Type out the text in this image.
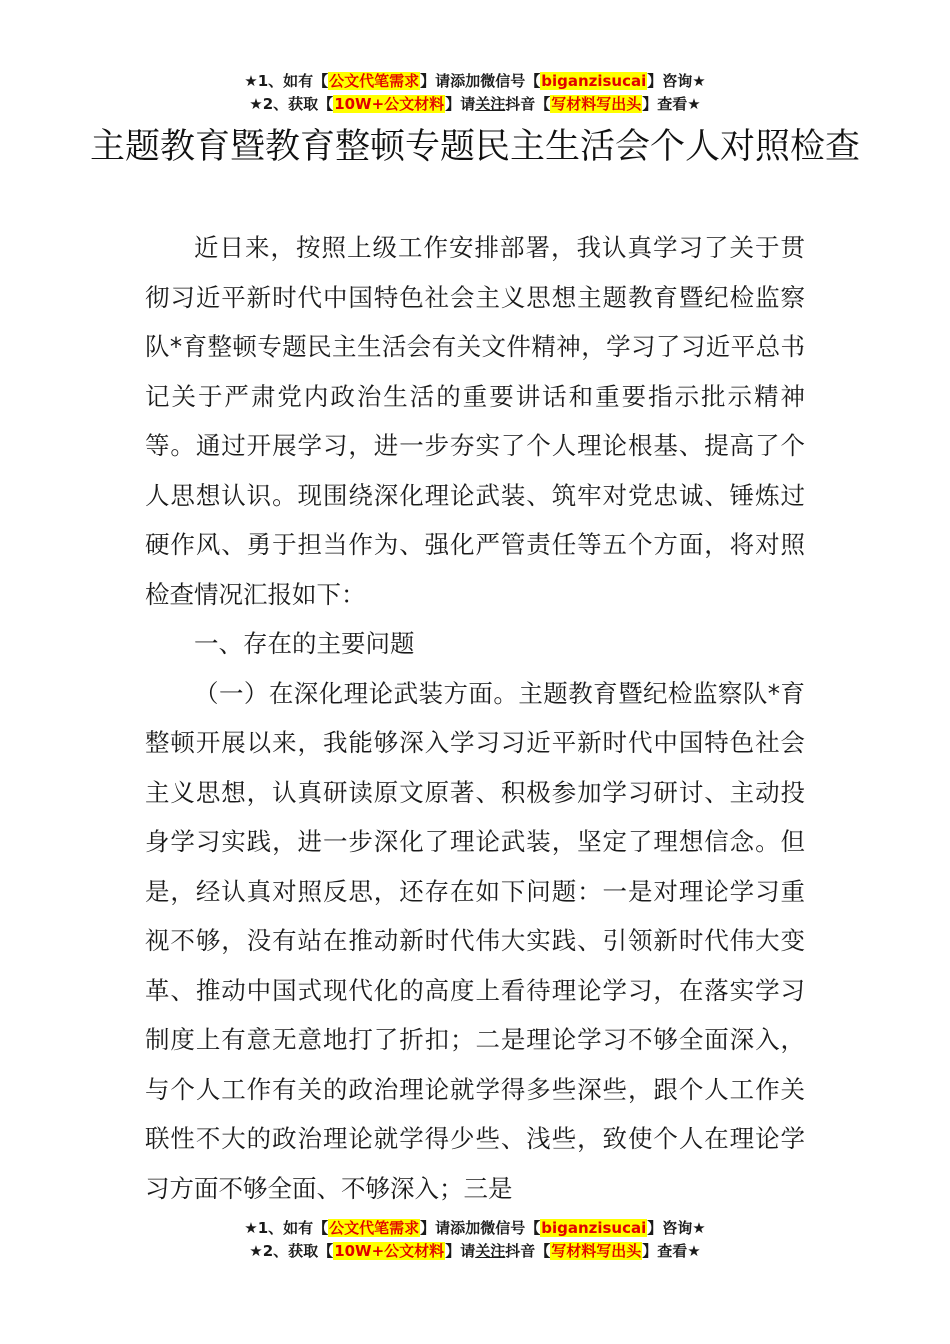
★1、如有【公文代笔需求】请添加微信号【biganzisucai】咨询★
★2、获取【10W+公文材料】请关注抖音【写材料写出头】查看★
主题教育暨教育整顿专题民主生活会个人对照检查

近日来，按照上级工作安排部署，我认真学习了关于贯彻习近平新时代中国特色社会主义思想主题教育暨纪检监察队*育整顿专题民主生活会有关文件精神，学习了习近平总书记关于严肃党内政治生活的重要讲话和重要指示批示精神等。通过开展学习，进一步夯实了个人理论根基、提高了个人思想认识。现围绕深化理论武装、筑牢对党忠诚、锤炼过硬作风、勇于担当作为、强化严管责任等五个方面，将对照检查情况汇报如下：

一、存在的主要问题

（一）在深化理论武装方面。主题教育暨纪检监察队*育整顿开展以来，我能够深入学习习近平新时代中国特色社会主义思想，认真研读原文原著、积极参加学习研讨、主动投身学习实践，进一步深化了理论武装，坚定了理想信念。但是，经认真对照反思，还存在如下问题：一是对理论学习重视不够，没有站在推动新时代伟大实践、引领新时代伟大变革、推动中国式现代化的高度上看待理论学习，在落实学习制度上有意无意地打了折扣；二是理论学习不够全面深入，与个人工作有关的政治理论就学得多些深些，跟个人工作关联性不大的政治理论就学得少些、浅些，致使个人在理论学习方面不够全面、不够深入；三是

★1、如有【公文代笔需求】请添加微信号【biganzisucai】咨询★
★2、获取【10W+公文材料】请关注抖音【写材料写出头】查看★
